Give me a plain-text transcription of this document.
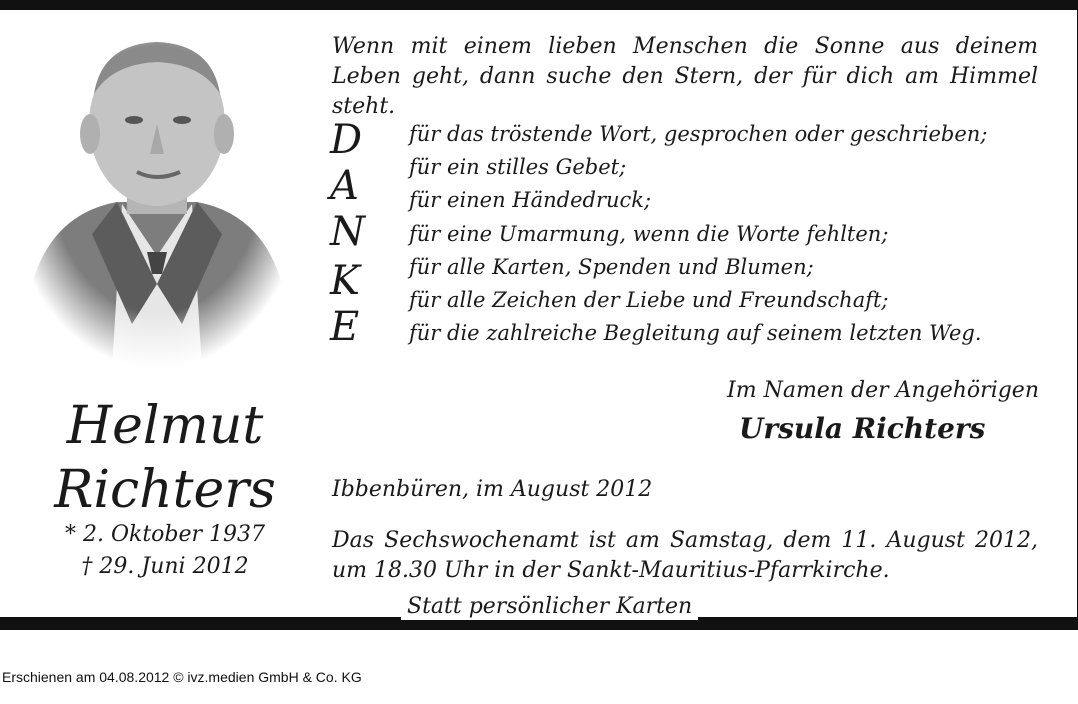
Helmut
Richters
* 2. Oktober 1937
† 29. Juni 2012
Wenn mit einem lieben Menschen die Sonne aus deinem Leben geht, dann suche den Stern, der für dich am Himmel steht.
D
A
N
K
E
für das tröstende Wort, gesprochen oder geschrieben;
für ein stilles Gebet;
für einen Händedruck;
für eine Umarmung, wenn die Worte fehlten;
für alle Karten, Spenden und Blumen;
für alle Zeichen der Liebe und Freundschaft;
für die zahlreiche Begleitung auf seinem letzten Weg.
Im Namen der Angehörigen
Ursula Richters
Ibbenbüren, im August 2012
Das Sechswochenamt ist am Samstag, dem 11. August 2012, um 18.30 Uhr in der Sankt-Mauritius-Pfarrkirche.
Statt persönlicher Karten
Erschienen am 04.08.2012 © ivz.medien GmbH & Co. KG
